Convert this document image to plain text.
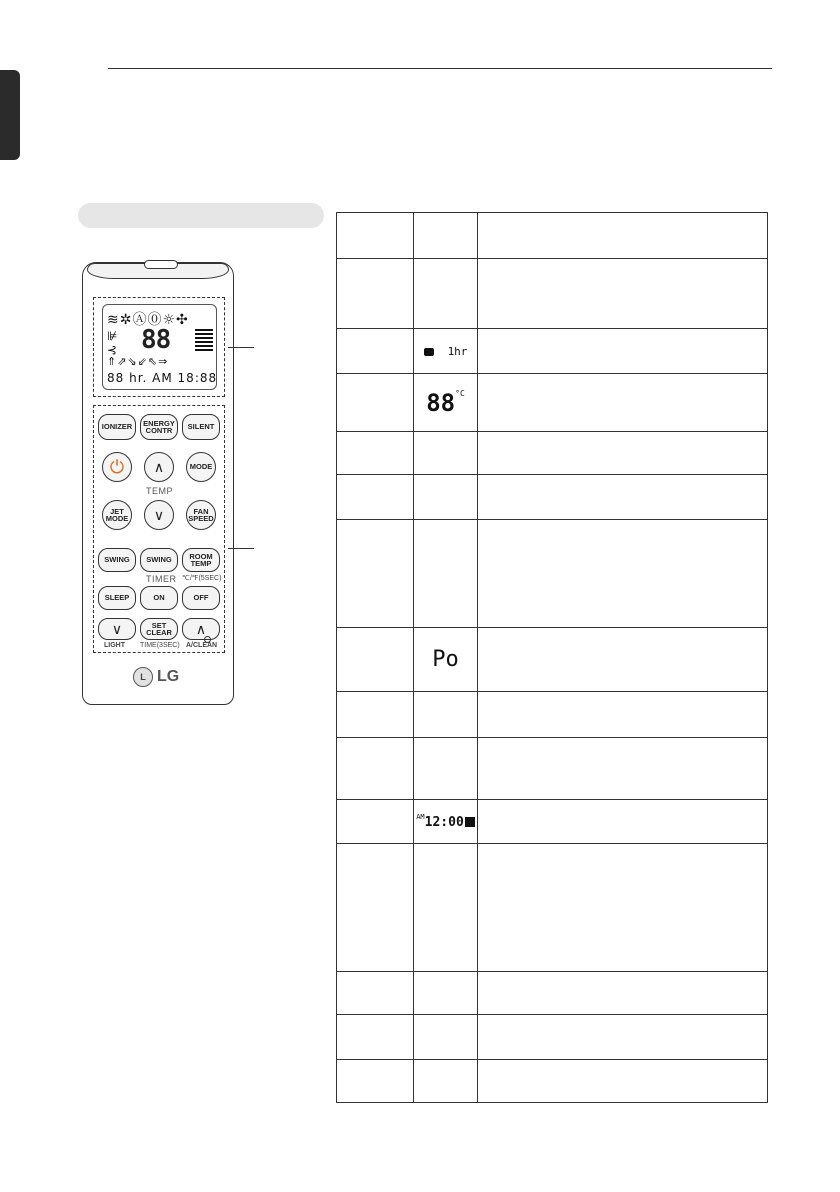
≋✲Ⓐ⓪☼✣
⊯
⊰ 88
⇑⇗⇘⇙⇖⇒
88 hr. AM 18:88
IONIZER	ENERGY CONTR	SILENT
⏻	∧	MODE
TEMP
JET MODE	∨	FAN SPEED
SWING	SWING	ROOM TEMP
℃/℉(5SEC)
TIMER
SLEEP	ON	OFF
∨	SET CLEAR	∧
LIGHT TIME(3SEC) A/CLEAN
L LG

	1hr	
	$88^{^\circ C}$	

	Po	

	$^{AM}$12:00	
